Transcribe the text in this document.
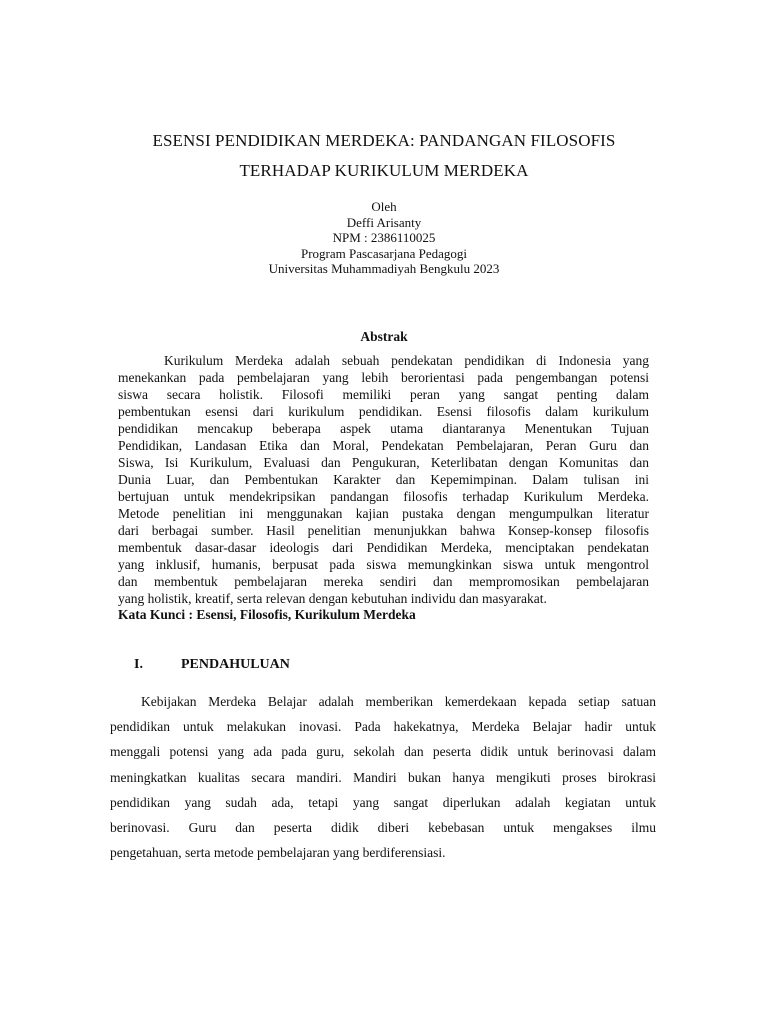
ESENSI PENDIDIKAN MERDEKA: PANDANGAN FILOSOFIS
TERHADAP KURIKULUM MERDEKA
Oleh
Deffi Arisanty
NPM : 2386110025
Program Pascasarjana Pedagogi
Universitas Muhammadiyah Bengkulu 2023
Abstrak
Kurikulum Merdeka adalah sebuah pendekatan pendidikan di Indonesia yang
menekankan pada pembelajaran yang lebih berorientasi pada pengembangan potensi
siswa secara holistik. Filosofi memiliki peran yang sangat penting dalam
pembentukan esensi dari kurikulum pendidikan. Esensi filosofis dalam kurikulum
pendidikan mencakup beberapa aspek utama diantaranya Menentukan Tujuan
Pendidikan, Landasan Etika dan Moral, Pendekatan Pembelajaran, Peran Guru dan
Siswa, Isi Kurikulum, Evaluasi dan Pengukuran, Keterlibatan dengan Komunitas dan
Dunia Luar, dan Pembentukan Karakter dan Kepemimpinan. Dalam tulisan ini
bertujuan untuk mendekripsikan pandangan filosofis terhadap Kurikulum Merdeka.
Metode penelitian ini menggunakan kajian pustaka dengan mengumpulkan literatur
dari berbagai sumber. Hasil penelitian menunjukkan bahwa Konsep-konsep filosofis
membentuk dasar-dasar ideologis dari Pendidikan Merdeka, menciptakan pendekatan
yang inklusif, humanis, berpusat pada siswa memungkinkan siswa untuk mengontrol
dan membentuk pembelajaran mereka sendiri dan mempromosikan pembelajaran
yang holistik, kreatif, serta relevan dengan kebutuhan individu dan masyarakat.
Kata Kunci : Esensi, Filosofis, Kurikulum Merdeka
I.	PENDAHULUAN
Kebijakan Merdeka Belajar adalah memberikan kemerdekaan kepada setiap satuan
pendidikan untuk melakukan inovasi. Pada hakekatnya, Merdeka Belajar hadir untuk
menggali potensi yang ada pada guru, sekolah dan peserta didik untuk berinovasi dalam
meningkatkan kualitas secara mandiri. Mandiri bukan hanya mengikuti proses birokrasi
pendidikan yang sudah ada, tetapi yang sangat diperlukan adalah kegiatan untuk
berinovasi. Guru dan peserta didik diberi kebebasan untuk mengakses ilmu
pengetahuan, serta metode pembelajaran yang berdiferensiasi.
